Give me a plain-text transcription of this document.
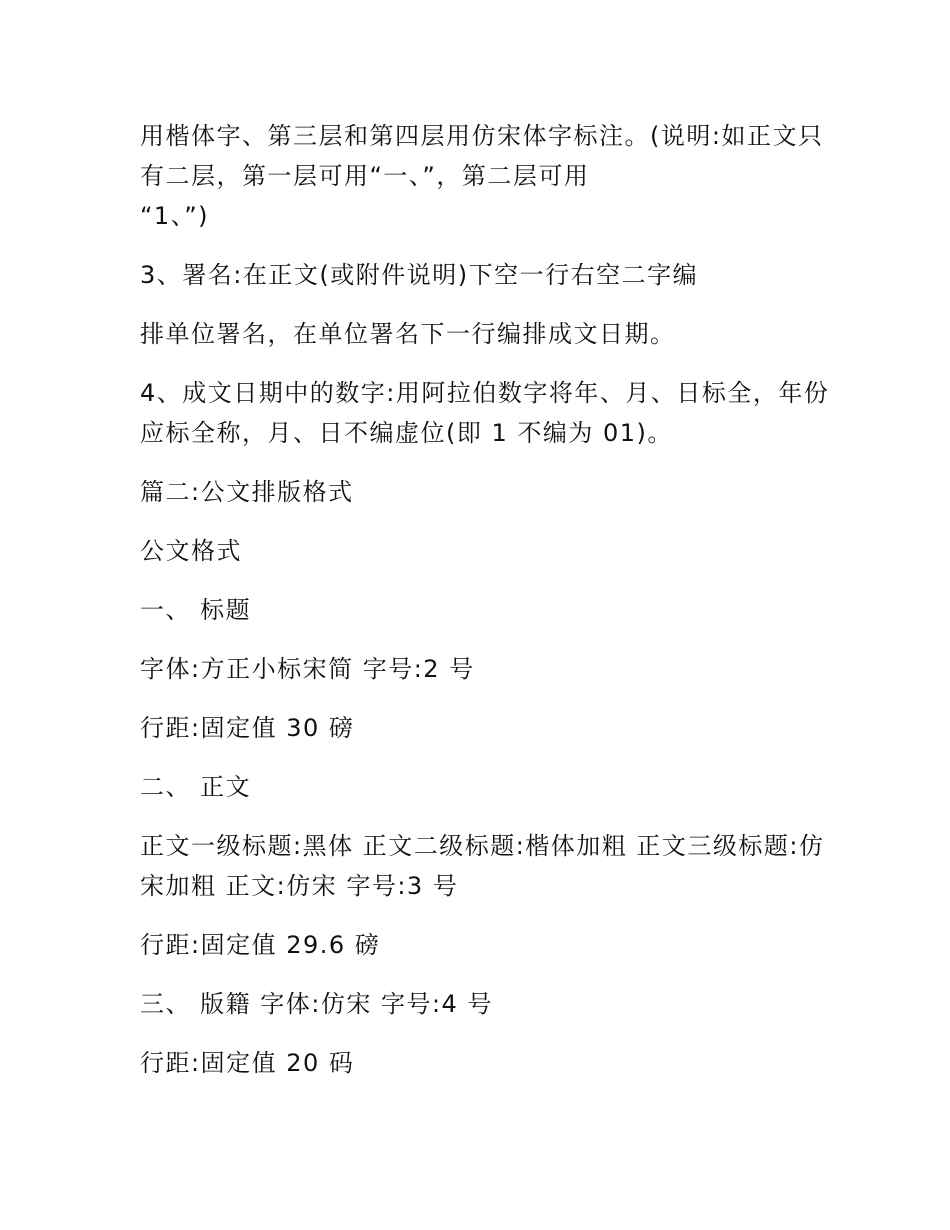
用楷体字、第三层和第四层用仿宋体字标注。(说明:如正文只有二层，第一层可用“一、”，第二层可用
“1、”)

3、署名:在正文(或附件说明)下空一行右空二字编

排单位署名，在单位署名下一行编排成文日期。

4、成文日期中的数字:用阿拉伯数字将年、月、日标全，年份应标全称，月、日不编虚位(即 1 不编为 01)。

篇二:公文排版格式

公文格式

一、 标题

字体:方正小标宋简 字号:2 号

行距:固定值 30 磅

二、 正文

正文一级标题:黑体 正文二级标题:楷体加粗 正文三级标题:仿宋加粗 正文:仿宋 字号:3 号

行距:固定值 29.6 磅

三、 版籍 字体:仿宋 字号:4 号

行距:固定值 20 码
